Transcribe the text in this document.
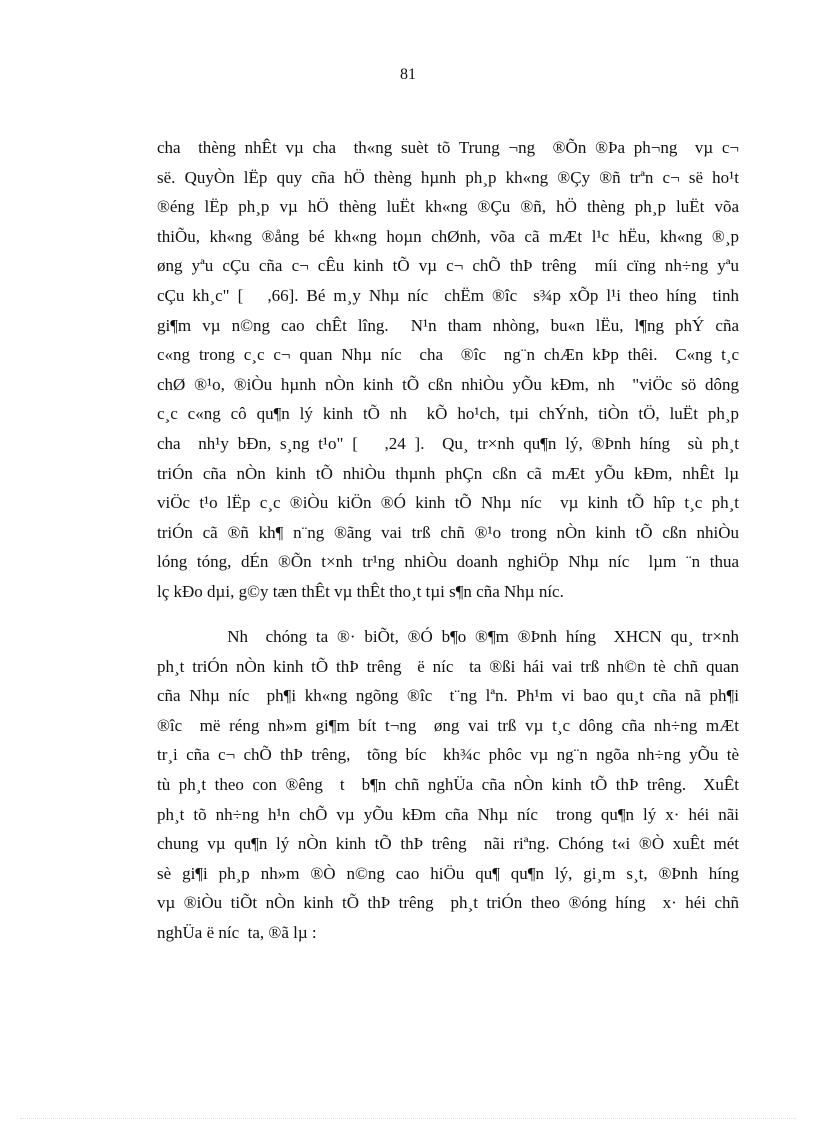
81
cha  thèng nhÊt vµ cha  th«ng suèt tõ Trung ¬ng  ®Õn ®Þa ph¬ng  vµ c¬
së. QuyÒn lËp quy cña hÖ thèng hµnh ph¸p kh«ng ®Çy ®ñ trªn c¬ së ho¹t
®éng lËp ph¸p vµ hÖ thèng luËt kh«ng ®Çu ®ñ, hÖ thèng ph¸p luËt võa
thiÕu, kh«ng ®ång bé kh«ng hoµn chØnh, võa cã mÆt l¹c hËu, kh«ng ®¸p
øng yªu cÇu cña c¬ cÊu kinh tÕ vµ c¬ chÕ thÞ trêng  míi cïng nh÷ng yªu
cÇu kh¸c" [   ,66]. Bé m¸y Nhµ níc  chËm ®îc  s¾p xÕp l¹i theo híng  tinh
gi¶m vµ n©ng cao chÊt lîng.  N¹n tham nhòng, bu«n lËu, l¶ng phÝ cña
c«ng trong c¸c c¬ quan Nhµ níc  cha  ®îc  ng¨n chÆn kÞp thêi.  C«ng t¸c
chØ ®¹o, ®iÒu hµnh nÒn kinh tÕ cßn nhiÒu yÕu kÐm, nh  "viÖc sö dông
c¸c c«ng cô qu¶n lý kinh tÕ nh  kÕ ho¹ch, tµi chÝnh, tiÒn tÖ, luËt ph¸p
cha  nh¹y bÐn, s¸ng t¹o" [   ,24 ].  Qu¸ tr×nh qu¶n lý, ®Þnh híng  sù ph¸t
triÓn cña nÒn kinh tÕ nhiÒu thµnh phÇn cßn cã mÆt yÕu kÐm, nhÊt lµ
viÖc t¹o lËp c¸c ®iÒu kiÖn ®Ó kinh tÕ Nhµ níc  vµ kinh tÕ hîp t¸c ph¸t
triÓn cã ®ñ kh¶ n¨ng ®ãng vai trß chñ ®¹o trong nÒn kinh tÕ cßn nhiÒu
lóng tóng, dÉn ®Õn t×nh tr¹ng nhiÒu doanh nghiÖp Nhµ níc  lµm ¨n thua
lç kÐo dµi, g©y tæn thÊt vµ thÊt tho¸t tµi s¶n cña Nhµ níc.
Nh  chóng ta ®· biÕt, ®Ó b¶o ®¶m ®Þnh híng  XHCN qu¸ tr×nh
ph¸t triÓn nÒn kinh tÕ thÞ trêng  ë níc  ta ®ßi hái vai trß nh©n tè chñ quan
cña Nhµ níc  ph¶i kh«ng ngõng ®îc  t¨ng lªn. Ph¹m vi bao qu¸t cña nã ph¶i
®îc  më réng nh»m gi¶m bít t¬ng  øng vai trß vµ t¸c dông cña nh÷ng mÆt
tr¸i cña c¬ chÕ thÞ trêng,  tõng bíc  kh¾c phôc vµ ng¨n ngõa nh÷ng yÕu tè
tù ph¸t theo con ®êng  t  b¶n chñ nghÜa cña nÒn kinh tÕ thÞ trêng.  XuÊt
ph¸t tõ nh÷ng h¹n chÕ vµ yÕu kÐm cña Nhµ níc  trong qu¶n lý x· héi nãi
chung vµ qu¶n lý nÒn kinh tÕ thÞ trêng  nãi riªng. Chóng t«i ®Ò xuÊt mét
sè gi¶i ph¸p nh»m ®Ò n©ng cao hiÖu qu¶ qu¶n lý, gi¸m s¸t, ®Þnh híng
vµ ®iÒu tiÕt nÒn kinh tÕ thÞ trêng  ph¸t triÓn theo ®óng híng  x· héi chñ
nghÜa ë níc  ta, ®ã lµ :
